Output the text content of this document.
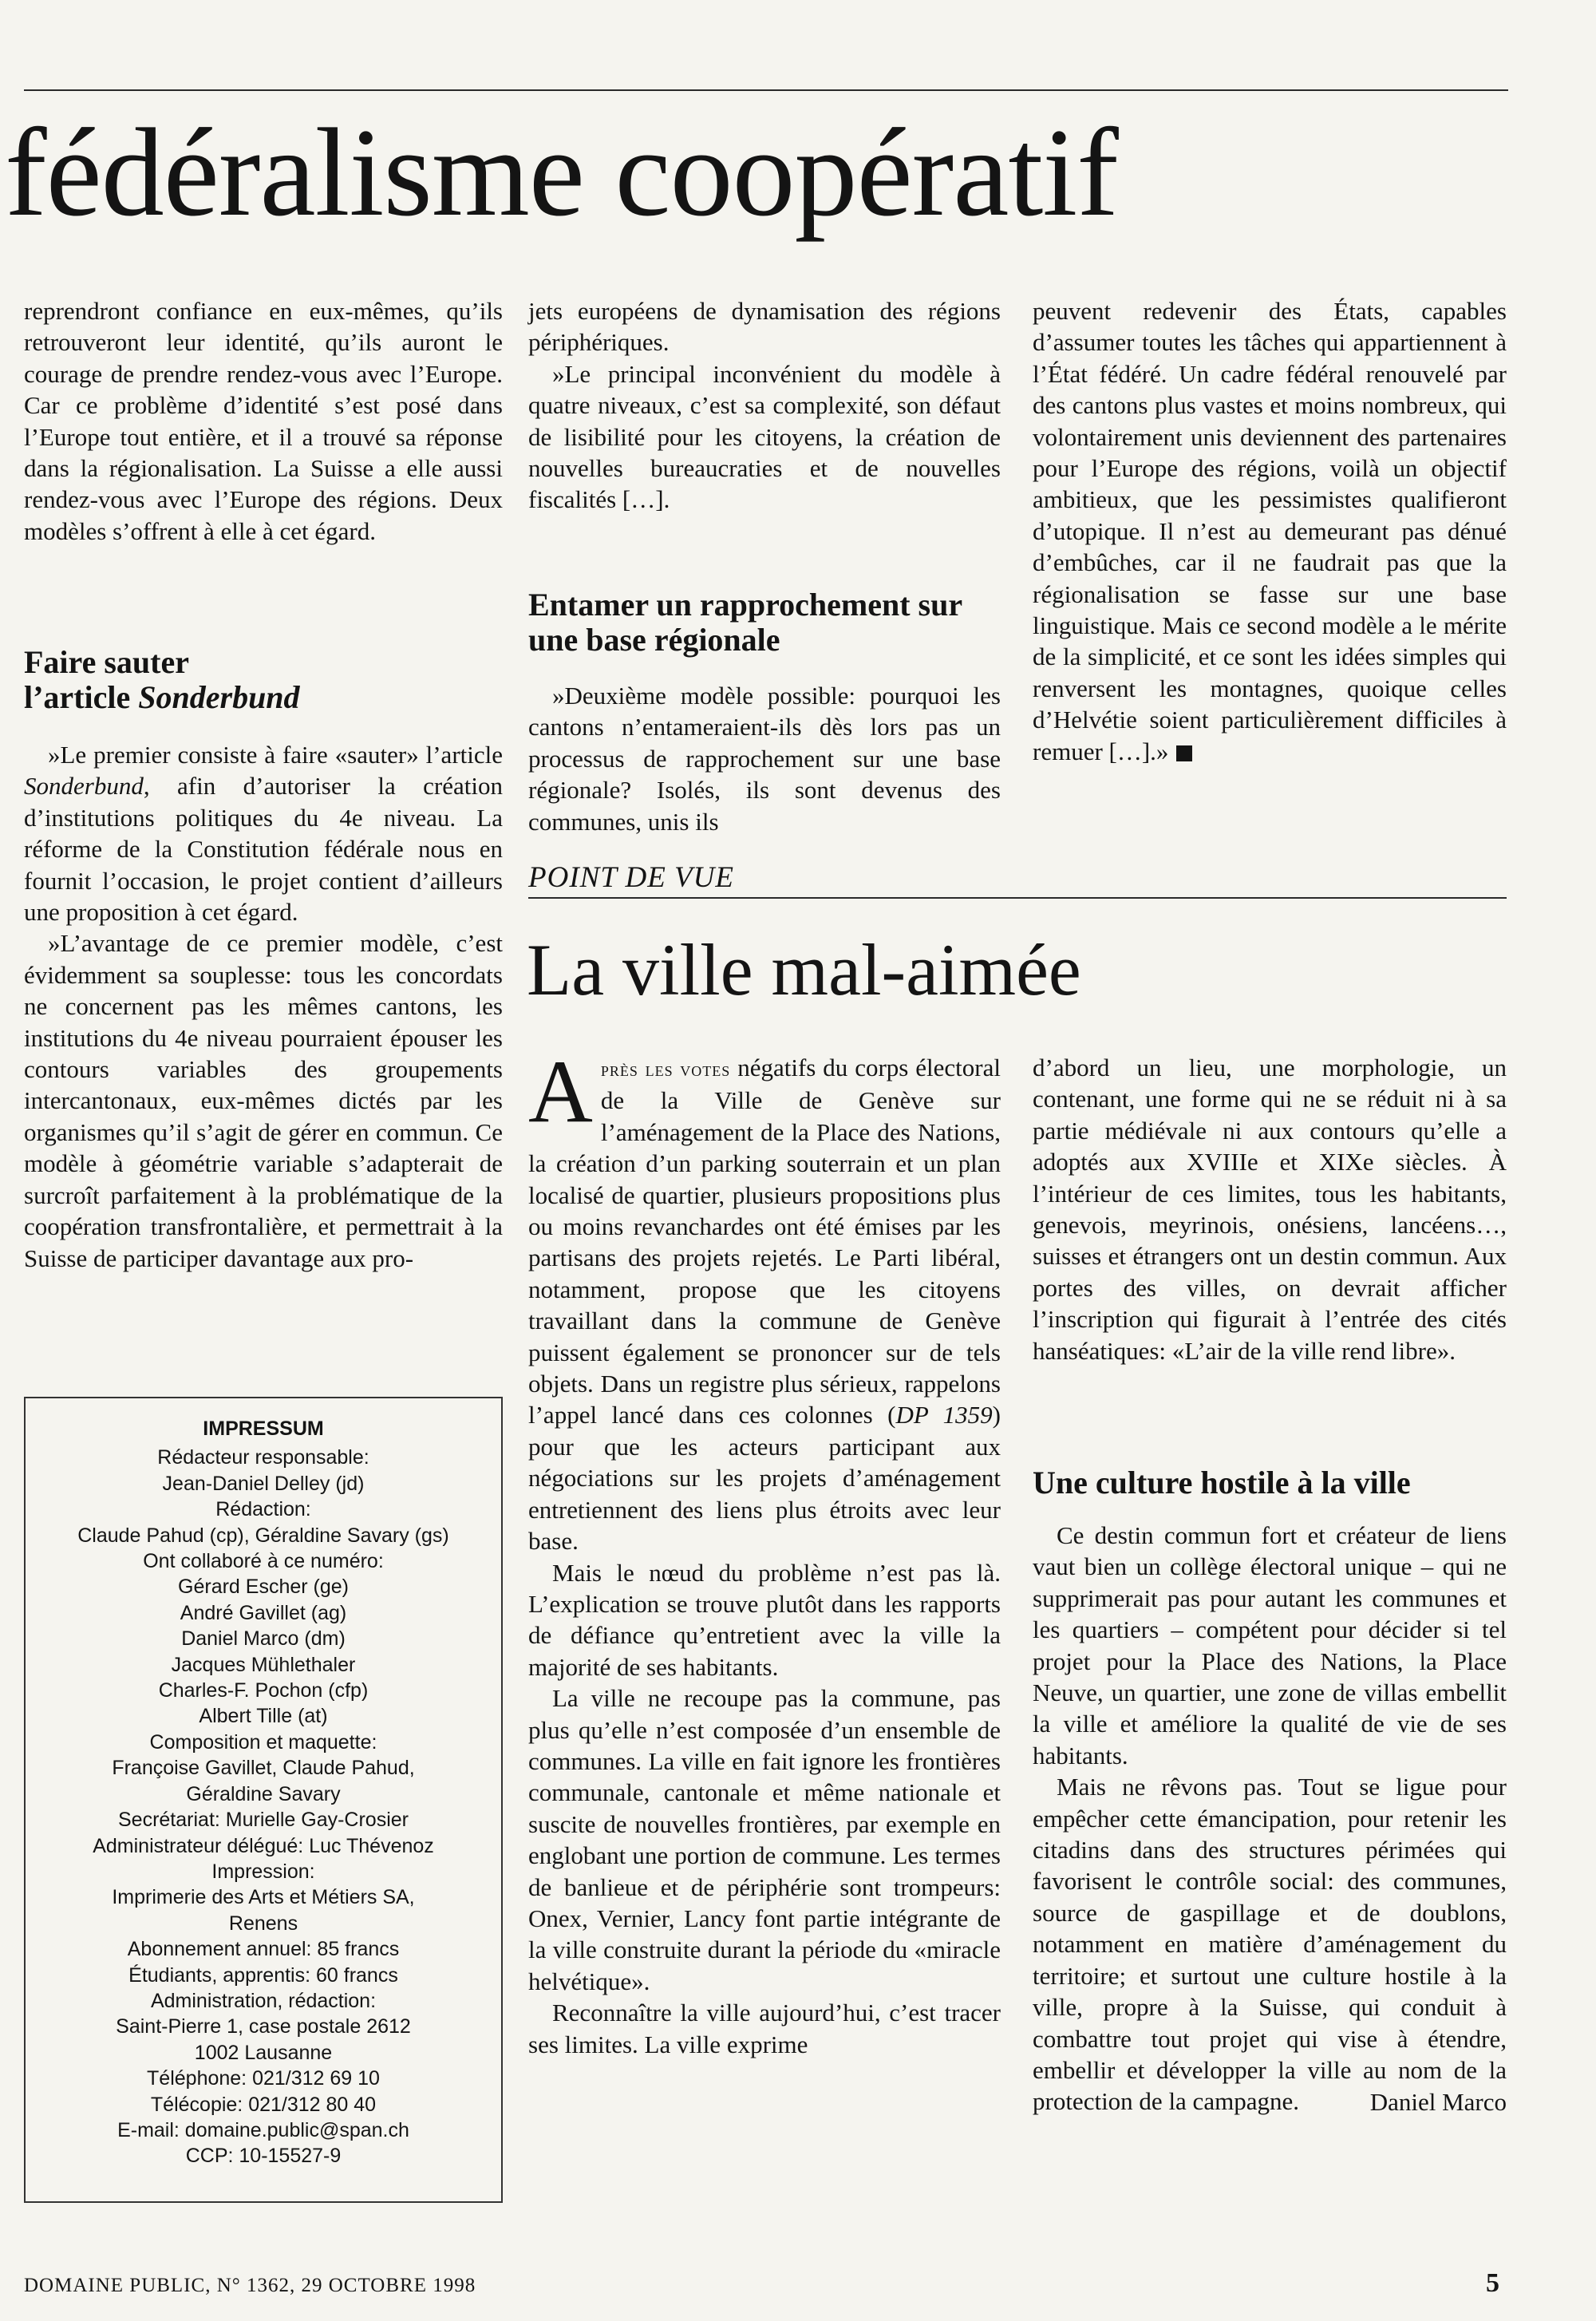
fédéralisme coopératif

reprendront confiance en eux-mêmes, qu’ils retrouveront leur identité, qu’ils auront le courage de prendre rendez-vous avec l’Europe. Car ce problème d’identité s’est posé dans l’Europe tout entière, et il a trouvé sa réponse dans la régionalisation. La Suisse a elle aussi rendez-vous avec l’Europe des régions. Deux modèles s’offrent à elle à cet égard.

Faire sauter
l’article Sonderbund

»Le premier consiste à faire «sauter» l’article Sonderbund, afin d’autoriser la création d’institutions politiques du 4e niveau. La réforme de la Constitution fédérale nous en fournit l’occasion, le projet contient d’ailleurs une proposition à cet égard.

»L’avantage de ce premier modèle, c’est évidemment sa souplesse: tous les concordats ne concernent pas les mêmes cantons, les institutions du 4e niveau pourraient épouser les contours variables des groupements intercantonaux, eux-mêmes dictés par les organismes qu’il s’agit de gérer en commun. Ce modèle à géométrie variable s’adapterait de surcroît parfaitement à la problématique de la coopération transfrontalière, et permettrait à la Suisse de participer davantage aux pro-

jets européens de dynamisation des régions périphériques.

»Le principal inconvénient du modèle à quatre niveaux, c’est sa complexité, son défaut de lisibilité pour les citoyens, la création de nouvelles bureaucraties et de nouvelles fiscalités […].

Entamer un rapprochement sur une base régionale

»Deuxième modèle possible: pourquoi les cantons n’entameraient-ils dès lors pas un processus de rapprochement sur une base régionale? Isolés, ils sont devenus des communes, unis ils

peuvent redevenir des États, capables d’assumer toutes les tâches qui appartiennent à l’État fédéré. Un cadre fédéral renouvelé par des cantons plus vastes et moins nombreux, qui volontairement unis deviennent des partenaires pour l’Europe des régions, voilà un objectif ambitieux, que les pessimistes qualifieront d’utopique. Il n’est au demeurant pas dénué d’embûches, car il ne faudrait pas que la régionalisation se fasse sur une base linguistique. Mais ce second modèle a le mérite de la simplicité, et ce sont les idées simples qui renversent les montagnes, quoique celles d’Helvétie soient particulièrement difficiles à remuer […].»

POINT DE VUE
La ville mal-aimée

Après les votes négatifs du corps électoral de la Ville de Genève sur l’aménagement de la Place des Nations, la création d’un parking souterrain et un plan localisé de quartier, plusieurs propositions plus ou moins revanchardes ont été émises par les partisans des projets rejetés. Le Parti libéral, notamment, propose que les citoyens travaillant dans la commune de Genève puissent également se prononcer sur de tels objets. Dans un registre plus sérieux, rappelons l’appel lancé dans ces colonnes (DP 1359) pour que les acteurs participant aux négociations sur les projets d’aménagement entretiennent des liens plus étroits avec leur base.

Mais le nœud du problème n’est pas là. L’explication se trouve plutôt dans les rapports de défiance qu’entretient avec la ville la majorité de ses habitants.

La ville ne recoupe pas la commune, pas plus qu’elle n’est composée d’un ensemble de communes. La ville en fait ignore les frontières communale, cantonale et même nationale et suscite de nouvelles frontières, par exemple en englobant une portion de commune. Les termes de banlieue et de périphérie sont trompeurs: Onex, Vernier, Lancy font partie intégrante de la ville construite durant la période du «miracle helvétique».

Reconnaître la ville aujourd’hui, c’est tracer ses limites. La ville exprime

d’abord un lieu, une morphologie, un contenant, une forme qui ne se réduit ni à sa partie médiévale ni aux contours qu’elle a adoptés aux XVIIIe et XIXe siècles. À l’intérieur de ces limites, tous les habitants, genevois, meyrinois, onésiens, lancéens…, suisses et étrangers ont un destin commun. Aux portes des villes, on devrait afficher l’inscription qui figurait à l’entrée des cités hanséatiques: «L’air de la ville rend libre».

Une culture hostile à la ville

Ce destin commun fort et créateur de liens vaut bien un collège électoral unique – qui ne supprimerait pas pour autant les communes et les quartiers – compétent pour décider si tel projet pour la Place des Nations, la Place Neuve, un quartier, une zone de villas embellit la ville et améliore la qualité de vie de ses habitants.

Mais ne rêvons pas. Tout se ligue pour empêcher cette émancipation, pour retenir les citadins dans des structures périmées qui favorisent le contrôle social: des communes, source de gaspillage et de doublons, notamment en matière d’aménagement du territoire; et surtout une culture hostile à la ville, propre à la Suisse, qui conduit à combattre tout projet qui vise à étendre, embellir et développer la ville au nom de la protection de la campagne.	Daniel Marco

IMPRESSUM
Rédacteur responsable:
Jean-Daniel Delley (jd)
Rédaction:
Claude Pahud (cp), Géraldine Savary (gs)
Ont collaboré à ce numéro:
Gérard Escher (ge)
André Gavillet (ag)
Daniel Marco (dm)
Jacques Mühlethaler
Charles-F. Pochon (cfp)
Albert Tille (at)
Composition et maquette:
Françoise Gavillet, Claude Pahud,
Géraldine Savary
Secrétariat: Murielle Gay-Crosier
Administrateur délégué: Luc Thévenoz
Impression:
Imprimerie des Arts et Métiers SA,
Renens
Abonnement annuel: 85 francs
Étudiants, apprentis: 60 francs
Administration, rédaction:
Saint-Pierre 1, case postale 2612
1002 Lausanne
Téléphone: 021/312 69 10
Télécopie: 021/312 80 40
E-mail: domaine.public@span.ch
CCP: 10-15527-9
DOMAINE PUBLIC, N° 1362, 29 OCTOBRE 1998	5
